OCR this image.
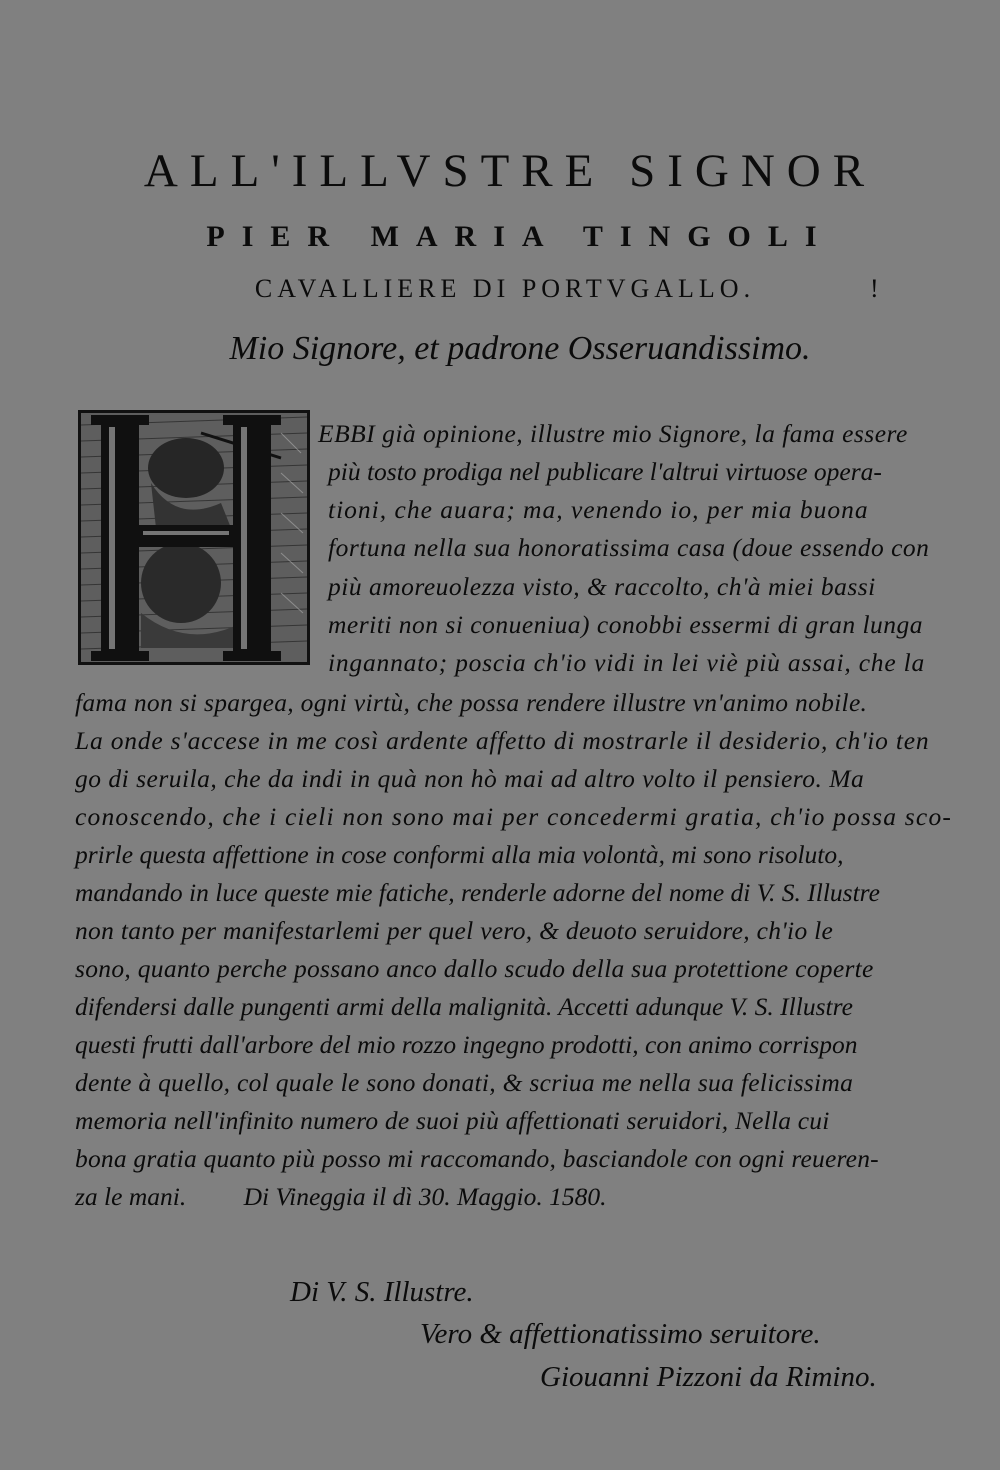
ALL'ILLVSTRE SIGNOR
PIER MARIA TINGOLI
CAVALLIERE DI PORTVGALLO.	!
Mio Signore, et padrone Osseruandissimo.

EBBI già opinione, illustre mio Signore, la fama essere

più tosto prodiga nel publicare l'altrui virtuose opera-

tioni, che auara; ma, venendo io, per mia buona

fortuna nella sua honoratissima casa (doue essendo con

più amoreuolezza visto, & raccolto, ch'à miei bassi

meriti non si conueniua) conobbi essermi di gran lunga

ingannato; poscia ch'io vidi in lei viè più assai, che la

fama non si spargea, ogni virtù, che possa rendere illustre vn'animo nobile.

La onde s'accese in me così ardente affetto di mostrarle il desiderio, ch'io ten

go di seruila, che da indi in quà non hò mai ad altro volto il pensiero. Ma

conoscendo, che i cieli non sono mai per concedermi gratia, ch'io possa sco-

prirle questa affettione in cose conformi alla mia volontà, mi sono risoluto,

mandando in luce queste mie fatiche, renderle adorne del nome di V. S. Illustre

non tanto per manifestarlemi per quel vero, & deuoto seruidore, ch'io le

sono, quanto perche possano anco dallo scudo della sua protettione coperte

difendersi dalle pungenti armi della malignità. Accetti adunque V. S. Illustre

questi frutti dall'arbore del mio rozzo ingegno prodotti, con animo corrispon

dente à quello, col quale le sono donati, & scriua me nella sua felicissima

memoria nell'infinito numero de suoi più affettionati seruidori, Nella cui

bona gratia quanto più posso mi raccomando, basciandole con ogni reueren-

za le mani.         Di Vineggia il dì 30. Maggio. 1580.

Di V. S. Illustre.

Vero & affettionatissimo seruitore.

Giouanni Pizzoni da Rimino.
